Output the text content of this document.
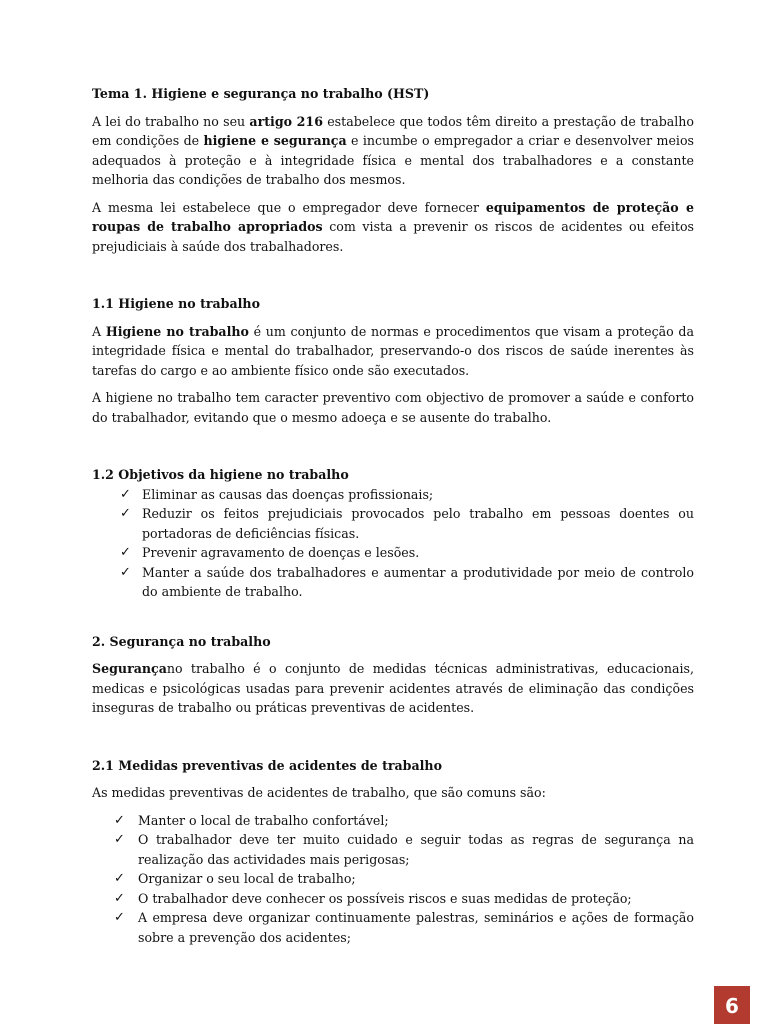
Tema 1. Higiene e segurança no trabalho (HST)

A lei do trabalho no seu artigo 216 estabelece que todos têm direito a prestação de trabalho em condições de higiene e segurança e incumbe o empregador a criar e desenvolver meios adequados à proteção e à integridade física e mental dos trabalhadores e a constante melhoria das condições de trabalho dos mesmos.

A mesma lei estabelece que o empregador deve fornecer equipamentos de proteção e roupas de trabalho apropriados com vista a prevenir os riscos de acidentes ou efeitos prejudiciais à saúde dos trabalhadores.

1.1 Higiene no trabalho

A Higiene no trabalho é um conjunto de normas e procedimentos que visam a proteção da integridade física e mental do trabalhador, preservando-o dos riscos de saúde inerentes às tarefas do cargo e ao ambiente físico onde são executados.

A higiene no trabalho tem caracter preventivo com objectivo de promover a saúde e conforto do trabalhador, evitando que o mesmo adoeça e se ausente do trabalho.

1.2 Objetivos da higiene no trabalho

✓ Eliminar as causas das doenças profissionais;
✓ Reduzir os feitos prejudiciais provocados pelo trabalho em pessoas doentes ou portadoras de deficiências físicas.
✓ Prevenir agravamento de doenças e lesões.
✓ Manter a saúde dos trabalhadores e aumentar a produtividade por meio de controlo do ambiente de trabalho.

2. Segurança no trabalho

Segurançano trabalho é o conjunto de medidas técnicas administrativas, educacionais, medicas e psicológicas usadas para prevenir acidentes através de eliminação das condições inseguras de trabalho ou práticas preventivas de acidentes.

2.1 Medidas preventivas de acidentes de trabalho

As medidas preventivas de acidentes de trabalho, que são comuns são:

✓ Manter o local de trabalho confortável;
✓ O trabalhador deve ter muito cuidado e seguir todas as regras de segurança na realização das actividades mais perigosas;
✓ Organizar o seu local de trabalho;
✓ O trabalhador deve conhecer os possíveis riscos e suas medidas de proteção;
✓ A empresa deve organizar continuamente palestras, seminários e ações de formação sobre a prevenção dos acidentes;
6
